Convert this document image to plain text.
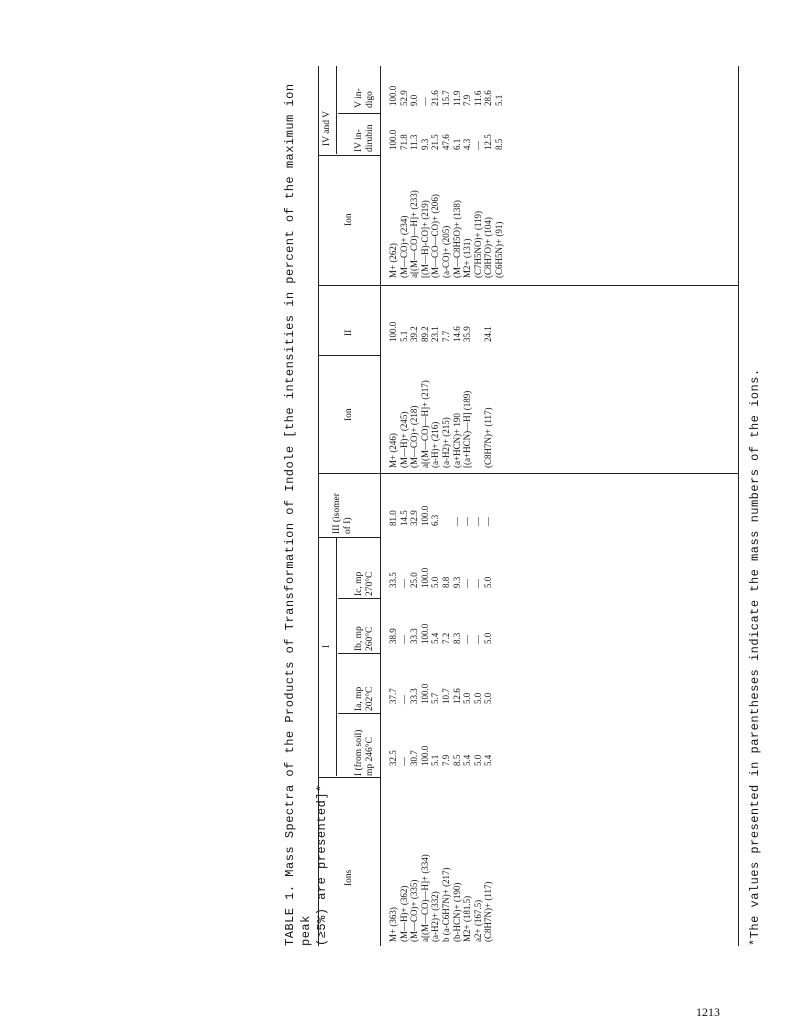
TABLE 1. Mass Spectra of the Products of Transformation of Indole [the intensities in percent of the maximum ion peak (≥5%) are presented]* Ions
I
I (from soil) mp 246°C
Ia, mp 202°C
Ib, mp 260°C
Ic, mp 270°C
III (isomer of I)
Ion
II
Ion
IV and V IV in- dirubin
V in- digo
M+ (363) (M—H)+ (362) (M—CO)+ (335) a[(M—CO)—H]+ (334) (a-H2)+ (332) b (a-C6H7N)+ (217) (b-HCN)+ (190) M2+ (181.5) a2+ (167.5) (C8H7N)+ (117)
32.5 — 30.7 100.0 5.1 7.9 8.5 5.4 5.0 5.4
37.7 — 33.3 100.0 5.7 10.7 12.6 5.0 5.0 5.0
38.9 — 33.3 100.0 5.4 7.2 8.3 — — 5.0
33.5 — 25.0 100.0 5.0 8.8 9.3 — — 5.0
81.0 14.5 32.9 100.0 6.3
— — — —
M+ (246) (M—H)+ (245) (M—CO)+ (218) a[(M—CO)—H]+ (217) (a-H)+ (216) (a-H2)+ (215) (a+HCN)+ 190 [(a+HCN)—H] (189)
(C8H7N)+ (117)
100.0 5.1 39.2 89.2 23.1 7.7 14.6 35.9
24.1
M+ (262) (M—CO)+ (234) a[(M—CO)—H]+ (233) [(M—H)-CO]+ (219) (M—CO—CO)+ (206) (a-CO)+ (205) (M—C8H5O)+ (138) M2+ (131) (C7H5NO)+ (119) (C8H7O)+ (104) (C6H5N)+ (91)
100.0 71.8 11.3 9.3 21.5 47.6 6.1 4.3 — 12.5 8.5
100.0 52.9 9.0 — 21.6 15.7 11.9 7.9 11.6 28.6 5.1
*The values presented in parentheses indicate the mass numbers of the ions.
1213
